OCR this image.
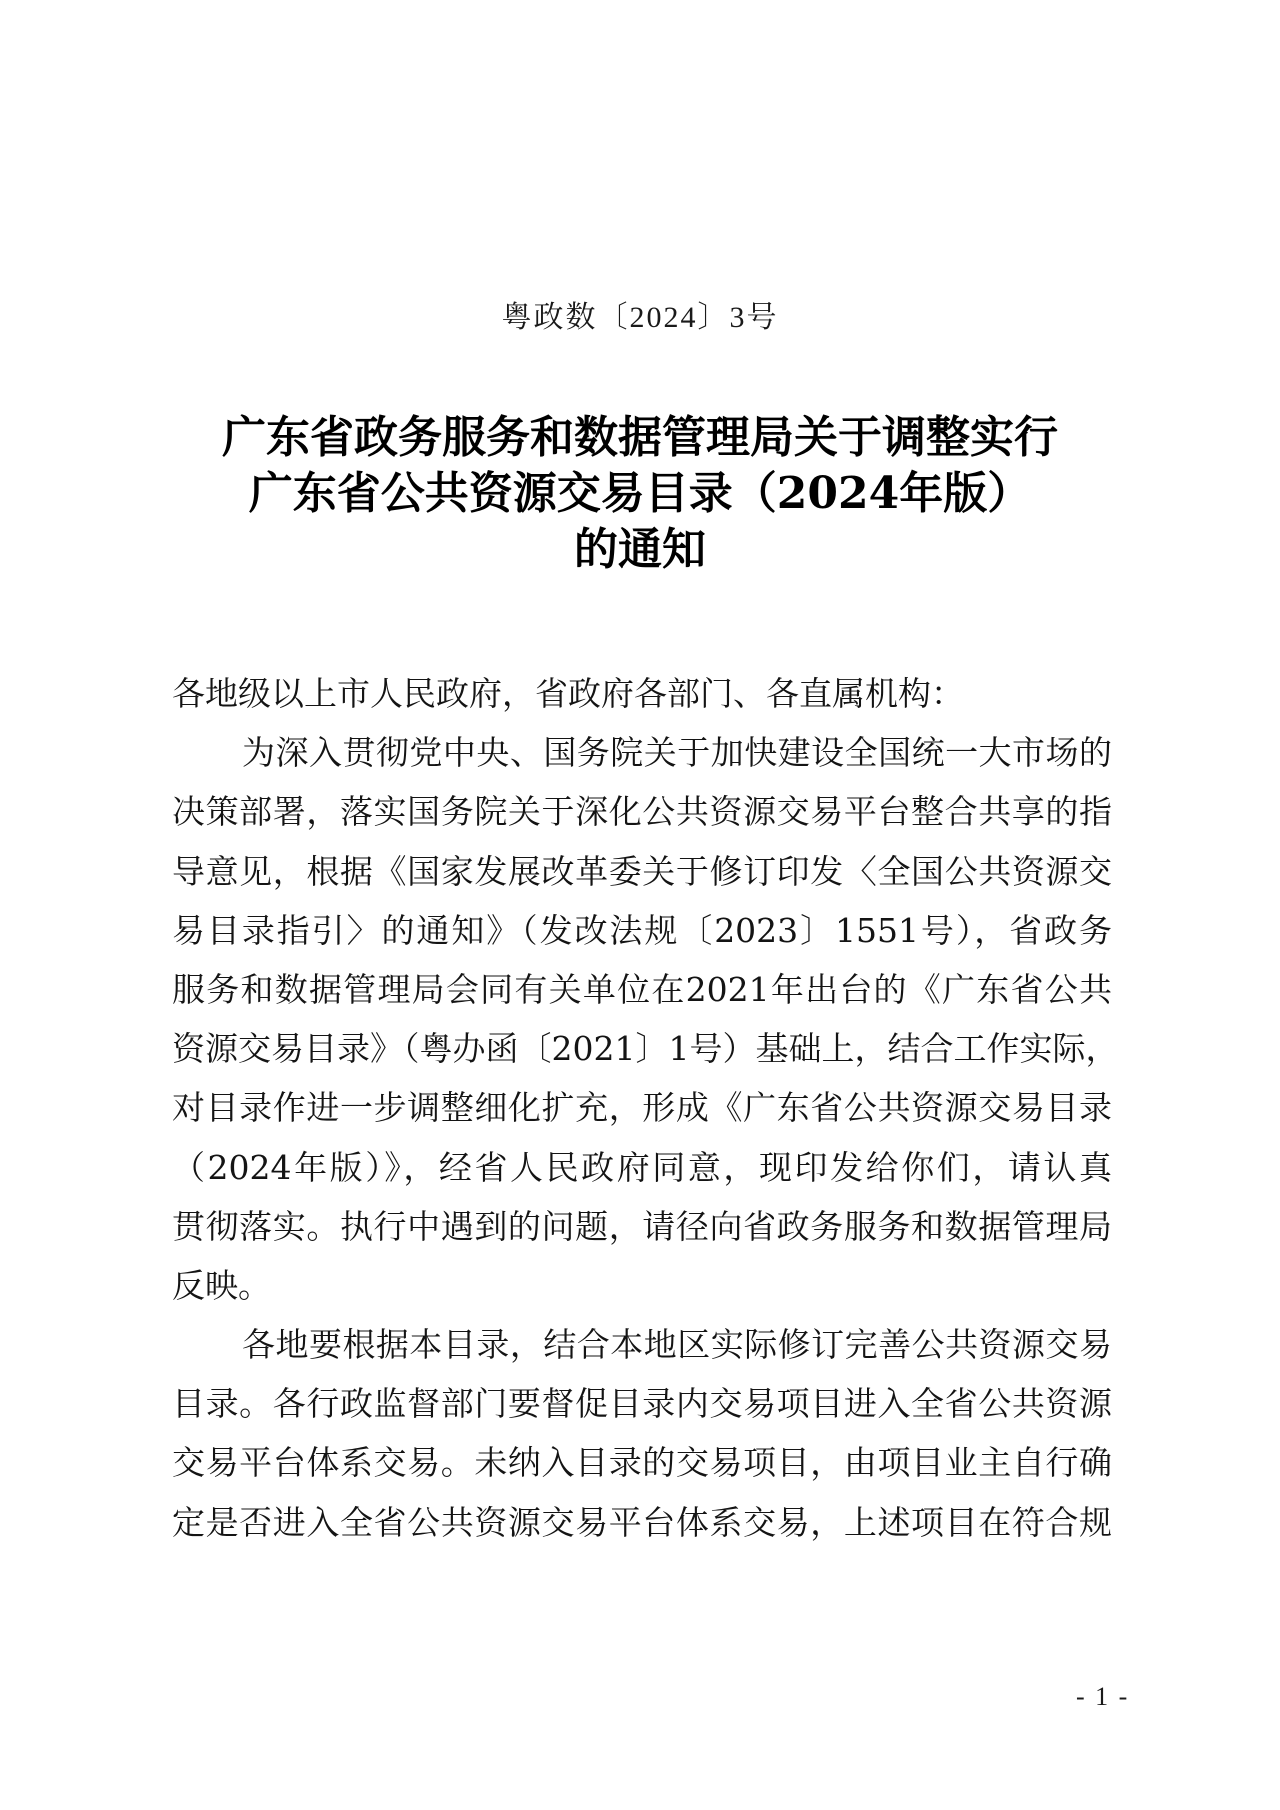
粤政数〔2024〕3号
广东省政务服务和数据管理局关于调整实行
广东省公共资源交易目录（2024年版）
的通知
各地级以上市人民政府，省政府各部门、各直属机构：
为深入贯彻党中央、国务院关于加快建设全国统一大市场的
决策部署，落实国务院关于深化公共资源交易平台整合共享的指
导意见，根据《国家发展改革委关于修订印发〈全国公共资源交
易目录指引〉的通知》（发改法规〔2023〕1551号），省政务
服务和数据管理局会同有关单位在2021年出台的《广东省公共
资源交易目录》（粤办函〔2021〕1号）基础上，结合工作实际，
对目录作进一步调整细化扩充，形成《广东省公共资源交易目录
（2024年版）》，经省人民政府同意，现印发给你们，请认真
贯彻落实。执行中遇到的问题，请径向省政务服务和数据管理局
反映。
各地要根据本目录，结合本地区实际修订完善公共资源交易
目录。各行政监督部门要督促目录内交易项目进入全省公共资源
交易平台体系交易。未纳入目录的交易项目，由项目业主自行确
定是否进入全省公共资源交易平台体系交易，上述项目在符合规
- 1 -
